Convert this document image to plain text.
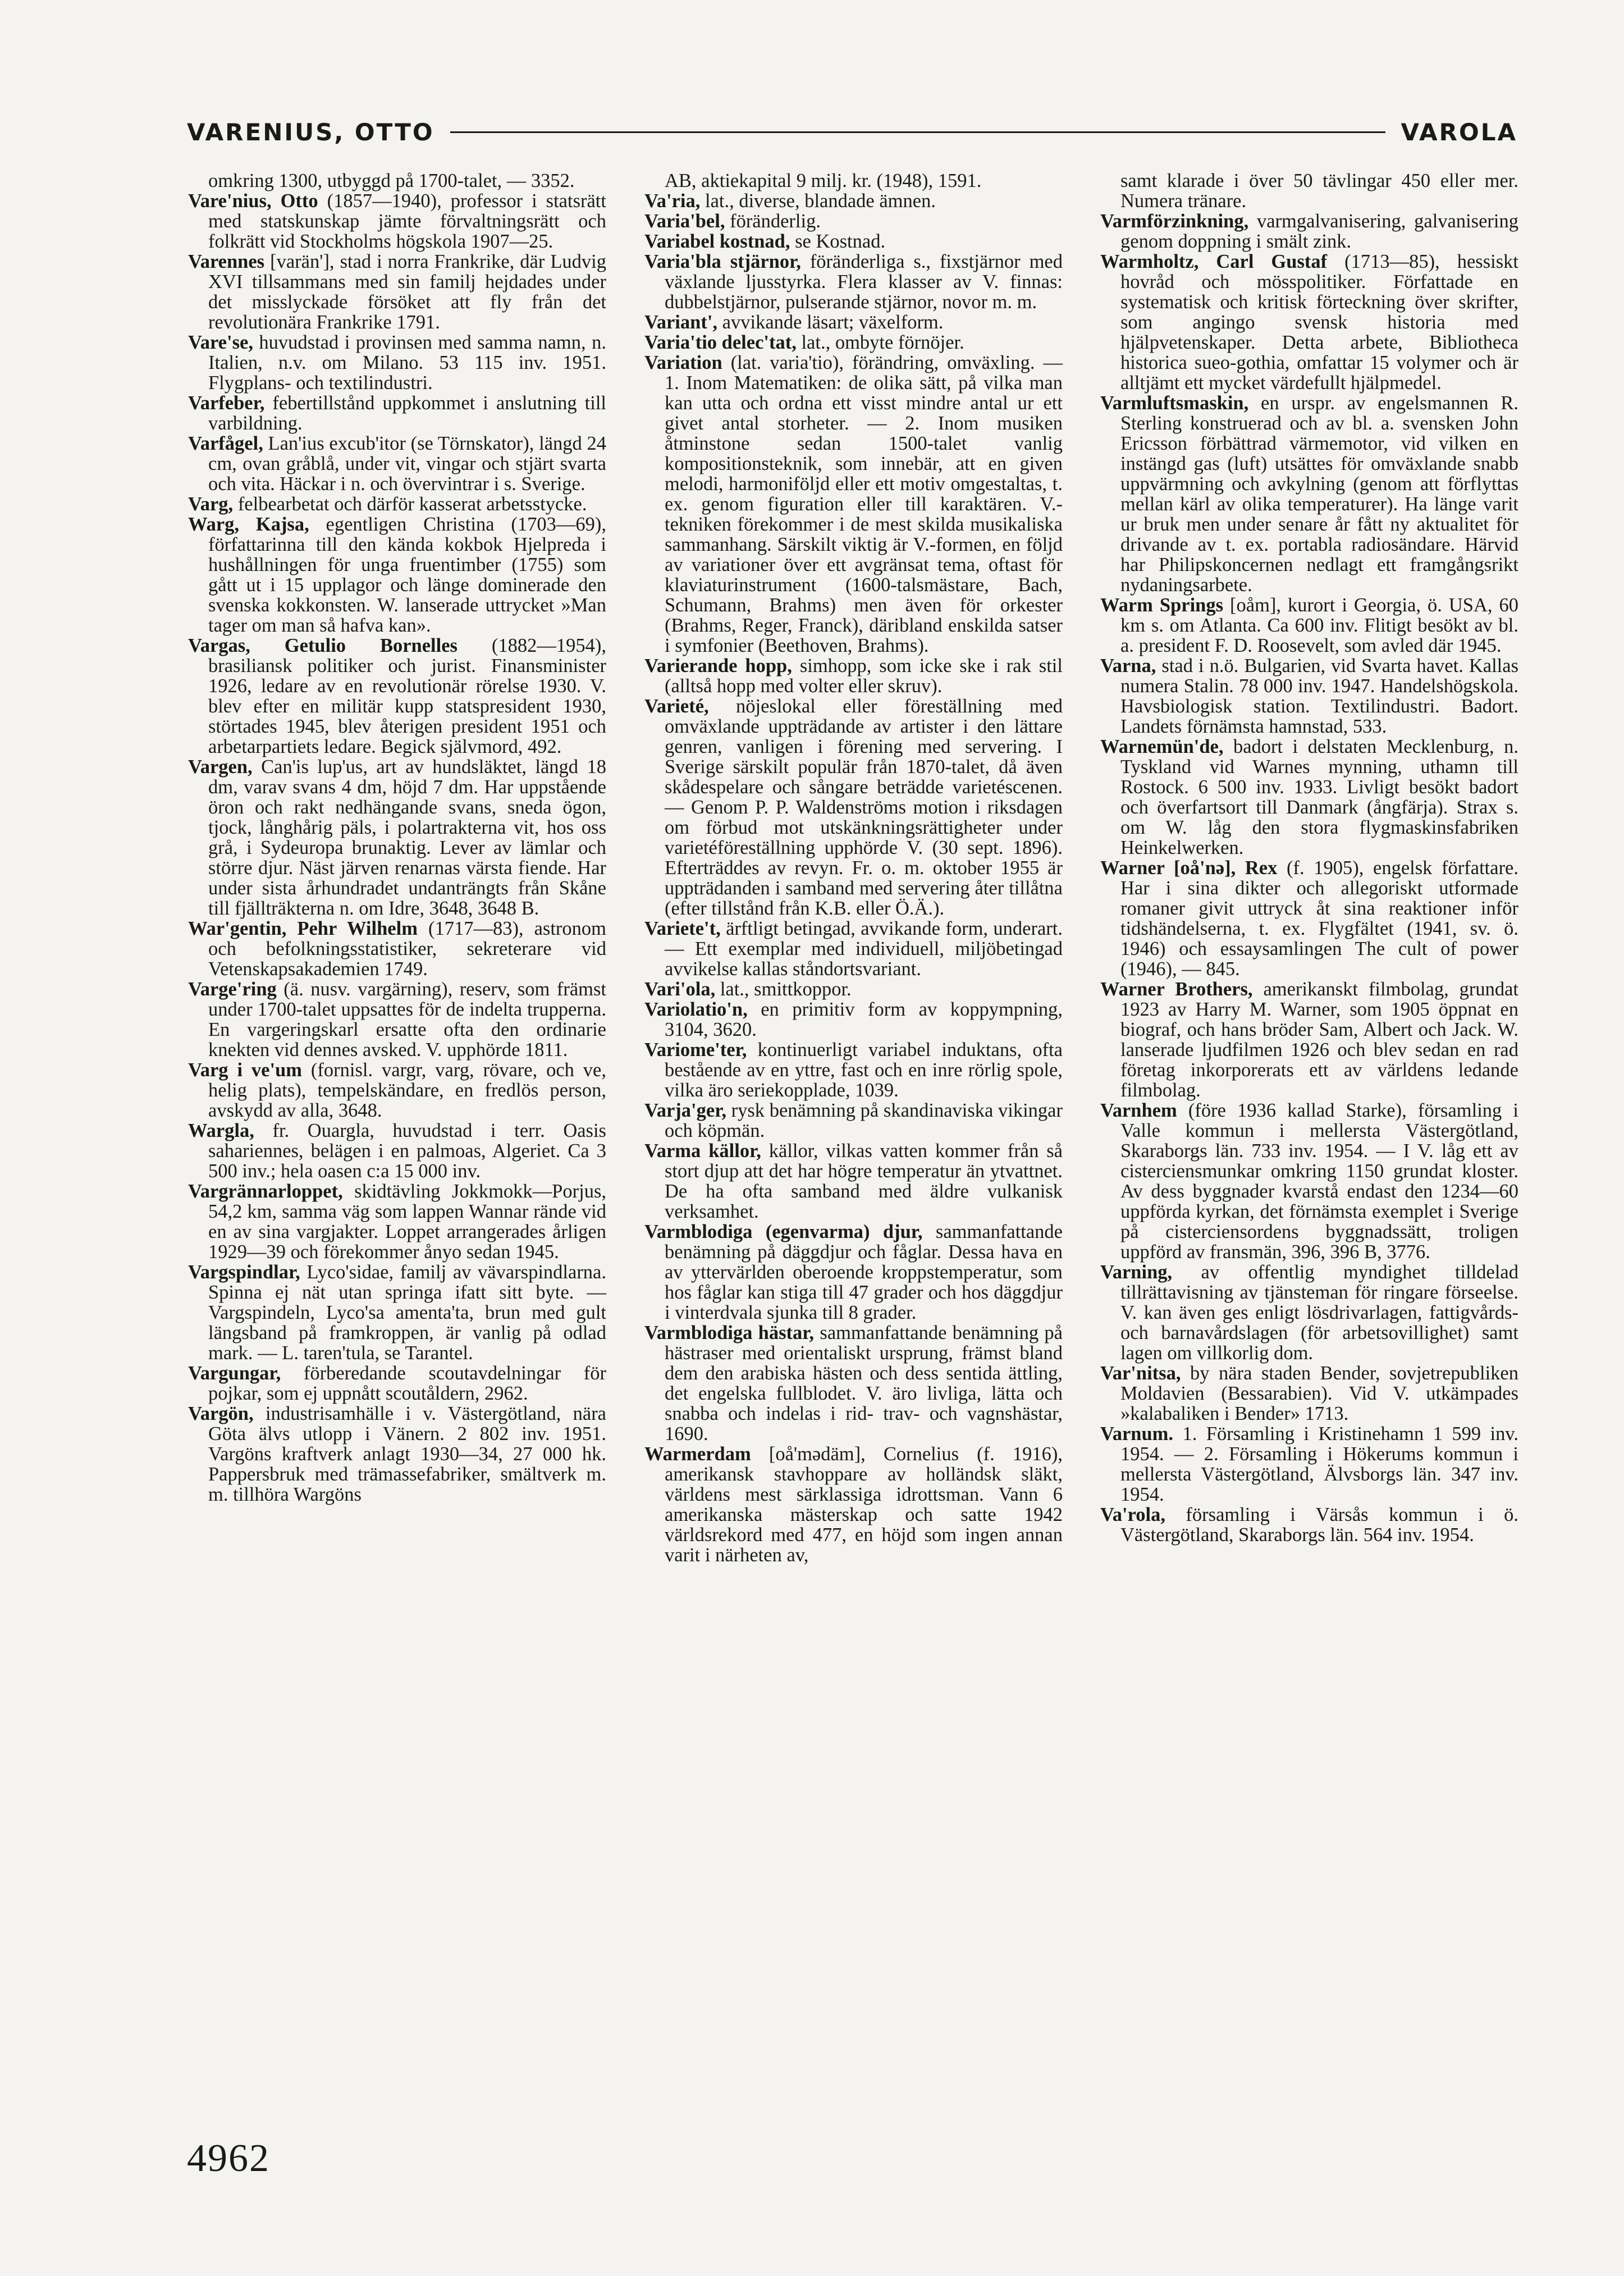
VARENIUS, OTTO	VAROLA

omkring 1300, utbyggd på 1700-talet, — 3352.

Vare'nius, Otto (1857—1940), professor i statsrätt med statskunskap jämte förvaltningsrätt och folkrätt vid Stockholms högskola 1907—25.

Varennes [varän'], stad i norra Frankrike, där Ludvig XVI tillsammans med sin familj hejdades under det misslyckade försöket att fly från det revolutionära Frankrike 1791.

Vare'se, huvudstad i provinsen med samma namn, n. Italien, n.v. om Milano. 53 115 inv. 1951. Flygplans- och textilindustri.

Varfeber, febertillstånd uppkommet i anslutning till varbildning.

Varfågel, Lan'ius excub'itor (se Törnskator), längd 24 cm, ovan gråblå, under vit, vingar och stjärt svarta och vita. Häckar i n. och övervintrar i s. Sverige.

Varg, felbearbetat och därför kasserat arbetsstycke.

Warg, Kajsa, egentligen Christina (1703—69), författarinna till den kända kokbok Hjelpreda i hushållningen för unga fruentimber (1755) som gått ut i 15 upplagor och länge dominerade den svenska kokkonsten. W. lanserade uttrycket »Man tager om man så hafva kan».

Vargas, Getulio Bornelles (1882—1954), brasiliansk politiker och jurist. Finansminister 1926, ledare av en revolutionär rörelse 1930. V. blev efter en militär kupp statspresident 1930, störtades 1945, blev återigen president 1951 och arbetarpartiets ledare. Begick självmord, 492.

Vargen, Can'is lup'us, art av hundsläktet, längd 18 dm, varav svans 4 dm, höjd 7 dm. Har uppstående öron och rakt nedhängande svans, sneda ögon, tjock, långhårig päls, i polartrakterna vit, hos oss grå, i Sydeuropa brunaktig. Lever av lämlar och större djur. Näst järven renarnas värsta fiende. Har under sista århundradet undanträngts från Skåne till fjällträkterna n. om Idre, 3648, 3648 B.

War'gentin, Pehr Wilhelm (1717—83), astronom och befolkningsstatistiker, sekreterare vid Vetenskapsakademien 1749.

Varge'ring (ä. nusv. vargärning), reserv, som främst under 1700-talet uppsattes för de indelta trupperna. En vargeringskarl ersatte ofta den ordinarie knekten vid dennes avsked. V. upphörde 1811.

Varg i ve'um (fornisl. vargr, varg, rövare, och ve, helig plats), tempelskändare, en fredlös person, avskydd av alla, 3648.

Wargla, fr. Ouargla, huvudstad i terr. Oasis sahariennes, belägen i en palmoas, Algeriet. Ca 3 500 inv.; hela oasen c:a 15 000 inv.

Vargrännarloppet, skidtävling Jokkmokk—Porjus, 54,2 km, samma väg som lappen Wannar rände vid en av sina vargjakter. Loppet arrangerades årligen 1929—39 och förekommer ånyo sedan 1945.

Vargspindlar, Lyco'sidae, familj av vävarspindlarna. Spinna ej nät utan springa ifatt sitt byte. — Vargspindeln, Lyco'sa amenta'ta, brun med gult längsband på framkroppen, är vanlig på odlad mark. — L. taren'tula, se Tarantel.

Vargungar, förberedande scoutavdelningar för pojkar, som ej uppnått scoutåldern, 2962.

Vargön, industrisamhälle i v. Västergötland, nära Göta älvs utlopp i Vänern. 2 802 inv. 1951. Vargöns kraftverk anlagt 1930—34, 27 000 hk. Pappersbruk med trämassefabriker, smältverk m. m. tillhöra Wargöns

AB, aktiekapital 9 milj. kr. (1948), 1591.

Va'ria, lat., diverse, blandade ämnen.

Varia'bel, föränderlig.

Variabel kostnad, se Kostnad.

Varia'bla stjärnor, föränderliga s., fixstjärnor med växlande ljusstyrka. Flera klasser av V. finnas: dubbelstjärnor, pulserande stjärnor, novor m. m.

Variant', avvikande läsart; växelform.

Varia'tio delec'tat, lat., ombyte förnöjer.

Variation (lat. varia'tio), förändring, omväxling. — 1. Inom Matematiken: de olika sätt, på vilka man kan utta och ordna ett visst mindre antal ur ett givet antal storheter. — 2. Inom musiken åtminstone sedan 1500-talet vanlig kompositionsteknik, som innebär, att en given melodi, harmoniföljd eller ett motiv omgestaltas, t. ex. genom figuration eller till karaktären. V.-tekniken förekommer i de mest skilda musikaliska sammanhang. Särskilt viktig är V.-formen, en följd av variationer över ett avgränsat tema, oftast för klaviaturinstrument (1600-talsmästare, Bach, Schumann, Brahms) men även för orkester (Brahms, Reger, Franck), däribland enskilda satser i symfonier (Beethoven, Brahms).

Varierande hopp, simhopp, som icke ske i rak stil (alltså hopp med volter eller skruv).

Varieté, nöjeslokal eller föreställning med omväxlande uppträdande av artister i den lättare genren, vanligen i förening med servering. I Sverige särskilt populär från 1870-talet, då även skådespelare och sångare beträdde varietéscenen. — Genom P. P. Waldenströms motion i riksdagen om förbud mot utskänkningsrättigheter under varietéföreställning upphörde V. (30 sept. 1896). Efterträddes av revyn. Fr. o. m. oktober 1955 är uppträdanden i samband med servering åter tillåtna (efter tillstånd från K.B. eller Ö.Ä.).

Variete't, ärftligt betingad, avvikande form, underart. — Ett exemplar med individuell, miljöbetingad avvikelse kallas ståndortsvariant.

Vari'ola, lat., smittkoppor.

Variolatio'n, en primitiv form av koppympning, 3104, 3620.

Variome'ter, kontinuerligt variabel induktans, ofta bestående av en yttre, fast och en inre rörlig spole, vilka äro seriekopplade, 1039.

Varja'ger, rysk benämning på skandinaviska vikingar och köpmän.

Varma källor, källor, vilkas vatten kommer från så stort djup att det har högre temperatur än ytvattnet. De ha ofta samband med äldre vulkanisk verksamhet.

Varmblodiga (egenvarma) djur, sammanfattande benämning på däggdjur och fåglar. Dessa hava en av yttervärlden oberoende kroppstemperatur, som hos fåglar kan stiga till 47 grader och hos däggdjur i vinterdvala sjunka till 8 grader.

Varmblodiga hästar, sammanfattande benämning på hästraser med orientaliskt ursprung, främst bland dem den arabiska hästen och dess sentida ättling, det engelska fullblodet. V. äro livliga, lätta och snabba och indelas i rid- trav- och vagnshästar, 1690.

Warmerdam [oå'mədäm], Cornelius (f. 1916), amerikansk stavhoppare av holländsk släkt, världens mest särklassiga idrottsman. Vann 6 amerikanska mästerskap och satte 1942 världsrekord med 477, en höjd som ingen annan varit i närheten av,

samt klarade i över 50 tävlingar 450 eller mer. Numera tränare.

Varmförzinkning, varmgalvanisering, galvanisering genom doppning i smält zink.

Warmholtz, Carl Gustaf (1713—85), hessiskt hovråd och mösspolitiker. Författade en systematisk och kritisk förteckning över skrifter, som angingo svensk historia med hjälpvetenskaper. Detta arbete, Bibliotheca historica sueo-gothia, omfattar 15 volymer och är alltjämt ett mycket värdefullt hjälpmedel.

Varmluftsmaskin, en urspr. av engelsmannen R. Sterling konstruerad och av bl. a. svensken John Ericsson förbättrad värmemotor, vid vilken en instängd gas (luft) utsättes för omväxlande snabb uppvärmning och avkylning (genom att förflyttas mellan kärl av olika temperaturer). Ha länge varit ur bruk men under senare år fått ny aktualitet för drivande av t. ex. portabla radiosändare. Härvid har Philipskoncernen nedlagt ett framgångsrikt nydaningsarbete.

Warm Springs [oåm], kurort i Georgia, ö. USA, 60 km s. om Atlanta. Ca 600 inv. Flitigt besökt av bl. a. president F. D. Roosevelt, som avled där 1945.

Varna, stad i n.ö. Bulgarien, vid Svarta havet. Kallas numera Stalin. 78 000 inv. 1947. Handelshögskola. Havsbiologisk station. Textilindustri. Badort. Landets förnämsta hamnstad, 533.

Warnemün'de, badort i delstaten Mecklenburg, n. Tyskland vid Warnes mynning, uthamn till Rostock. 6 500 inv. 1933. Livligt besökt badort och överfartsort till Danmark (ångfärja). Strax s. om W. låg den stora flygmaskinsfabriken Heinkelwerken.

Warner [oå'nə], Rex (f. 1905), engelsk författare. Har i sina dikter och allegoriskt utformade romaner givit uttryck åt sina reaktioner inför tidshändelserna, t. ex. Flygfältet (1941, sv. ö. 1946) och essaysamlingen The cult of power (1946), — 845.

Warner Brothers, amerikanskt filmbolag, grundat 1923 av Harry M. Warner, som 1905 öppnat en biograf, och hans bröder Sam, Albert och Jack. W. lanserade ljudfilmen 1926 och blev sedan en rad företag inkorporerats ett av världens ledande filmbolag.

Varnhem (före 1936 kallad Starke), församling i Valle kommun i mellersta Västergötland, Skaraborgs län. 733 inv. 1954. — I V. låg ett av cisterciensmunkar omkring 1150 grundat kloster. Av dess byggnader kvarstå endast den 1234—60 uppförda kyrkan, det förnämsta exemplet i Sverige på cisterciensordens byggnadssätt, troligen uppförd av fransmän, 396, 396 B, 3776.

Varning, av offentlig myndighet tilldelad tillrättavisning av tjänsteman för ringare förseelse. V. kan även ges enligt lösdrivarlagen, fattigvårds- och barnavårdslagen (för arbetsovillighet) samt lagen om villkorlig dom.

Var'nitsa, by nära staden Bender, sovjetrepubliken Moldavien (Bessarabien). Vid V. utkämpades »kalabaliken i Bender» 1713.

Varnum. 1. Församling i Kristinehamn 1 599 inv. 1954. — 2. Församling i Hökerums kommun i mellersta Västergötland, Älvsborgs län. 347 inv. 1954.

Va'rola, församling i Värsås kommun i ö. Västergötland, Skaraborgs län. 564 inv. 1954.

4962
